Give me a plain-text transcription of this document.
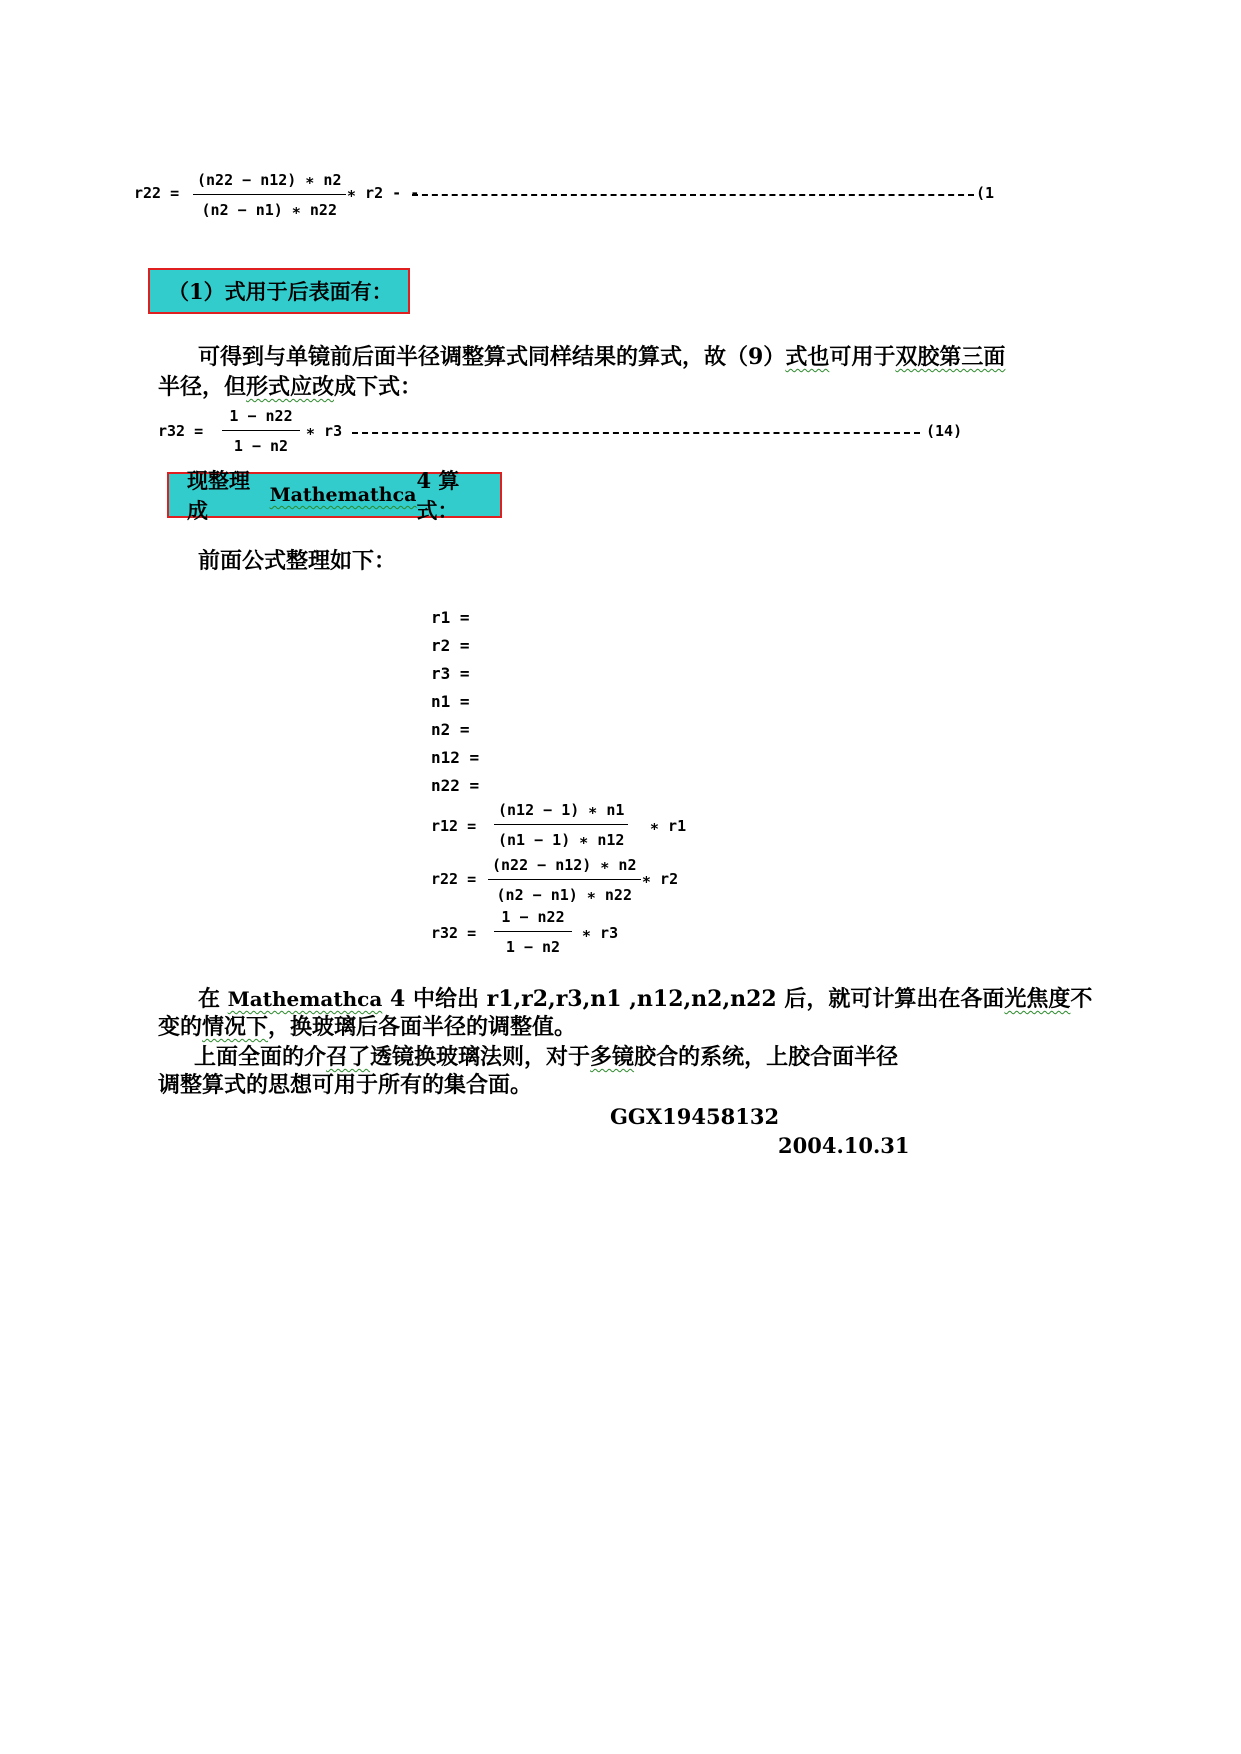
r22 =
(n22 − n12) ∗ n2
(n2 − n1) ∗ n22
∗ r2 - -	(1
（1）式用于后表面有：
可得到与单镜前后面半径调整算式同样结果的算式，故（9）式也可用于双胶第三面
半径，但形式应改成下式：
r32 =
1 − n22
1 − n2
∗ r3	(14)
现整理成
Mathemathca
4 算式：
前面公式整理如下：
r1 =
r2 =
r3 =
n1 =
n2 =
n12 =
n22 =
r12 =
(n12 − 1) ∗ n1
(n1 − 1) ∗ n12
∗ r1
r22 =
(n22 − n12) ∗ n2
(n2 − n1) ∗ n22
∗ r2
r32 =
1 − n22
1 − n2
∗ r3
在 Mathemathca 4 中给出 r1,r2,r3,n1 ,n12,n2,n22 后，就可计算出在各面光焦度不
变的情况下，换玻璃后各面半径的调整值。
上面全面的介召了透镜换玻璃法则，对于多镜胶合的系统，上胶合面半径
调整算式的思想可用于所有的集合面。
GGX19458132
2004.10.31
